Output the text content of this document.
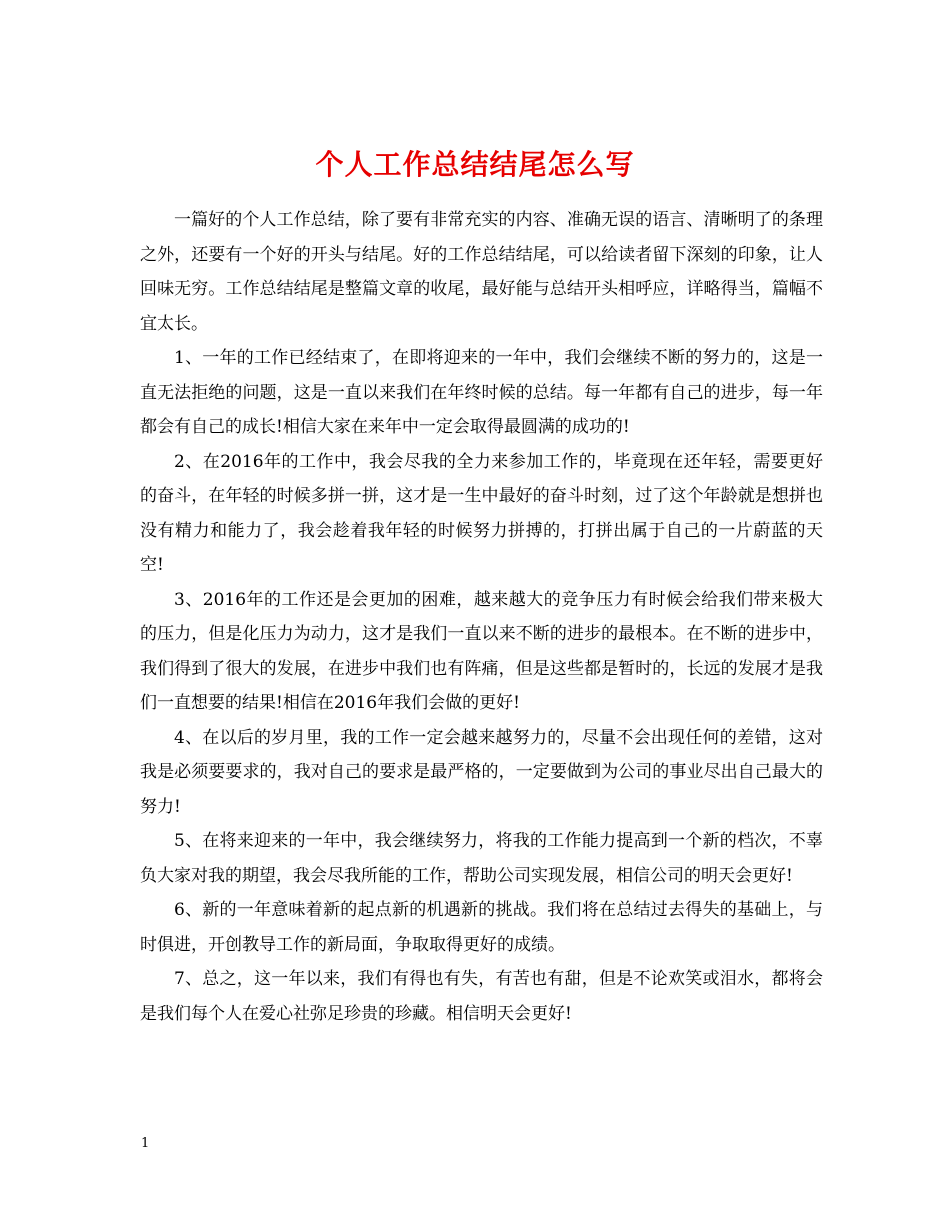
个人工作总结结尾怎么写

一篇好的个人工作总结，除了要有非常充实的内容、准确无误的语言、清晰明了的条理之外，还要有一个好的开头与结尾。好的工作总结结尾，可以给读者留下深刻的印象，让人回味无穷。工作总结结尾是整篇文章的收尾，最好能与总结开头相呼应，详略得当，篇幅不宜太长。

1、一年的工作已经结束了，在即将迎来的一年中，我们会继续不断的努力的，这是一直无法拒绝的问题，这是一直以来我们在年终时候的总结。每一年都有自己的进步，每一年都会有自己的成长!相信大家在来年中一定会取得最圆满的成功的!

2、在2016年的工作中，我会尽我的全力来参加工作的，毕竟现在还年轻，需要更好的奋斗，在年轻的时候多拼一拼，这才是一生中最好的奋斗时刻，过了这个年龄就是想拼也没有精力和能力了，我会趁着我年轻的时候努力拼搏的，打拼出属于自己的一片蔚蓝的天空!

3、2016年的工作还是会更加的困难，越来越大的竞争压力有时候会给我们带来极大的压力，但是化压力为动力，这才是我们一直以来不断的进步的最根本。在不断的进步中，我们得到了很大的发展，在进步中我们也有阵痛，但是这些都是暂时的，长远的发展才是我们一直想要的结果!相信在2016年我们会做的更好!

4、在以后的岁月里，我的工作一定会越来越努力的，尽量不会出现任何的差错，这对我是必须要要求的，我对自己的要求是最严格的，一定要做到为公司的事业尽出自己最大的努力!

5、在将来迎来的一年中，我会继续努力，将我的工作能力提高到一个新的档次，不辜负大家对我的期望，我会尽我所能的工作，帮助公司实现发展，相信公司的明天会更好!

6、新的一年意味着新的起点新的机遇新的挑战。我们将在总结过去得失的基础上，与时俱进，开创教导工作的新局面，争取取得更好的成绩。

7、总之，这一年以来，我们有得也有失，有苦也有甜，但是不论欢笑或泪水，都将会是我们每个人在爱心社弥足珍贵的珍藏。相信明天会更好!

1
